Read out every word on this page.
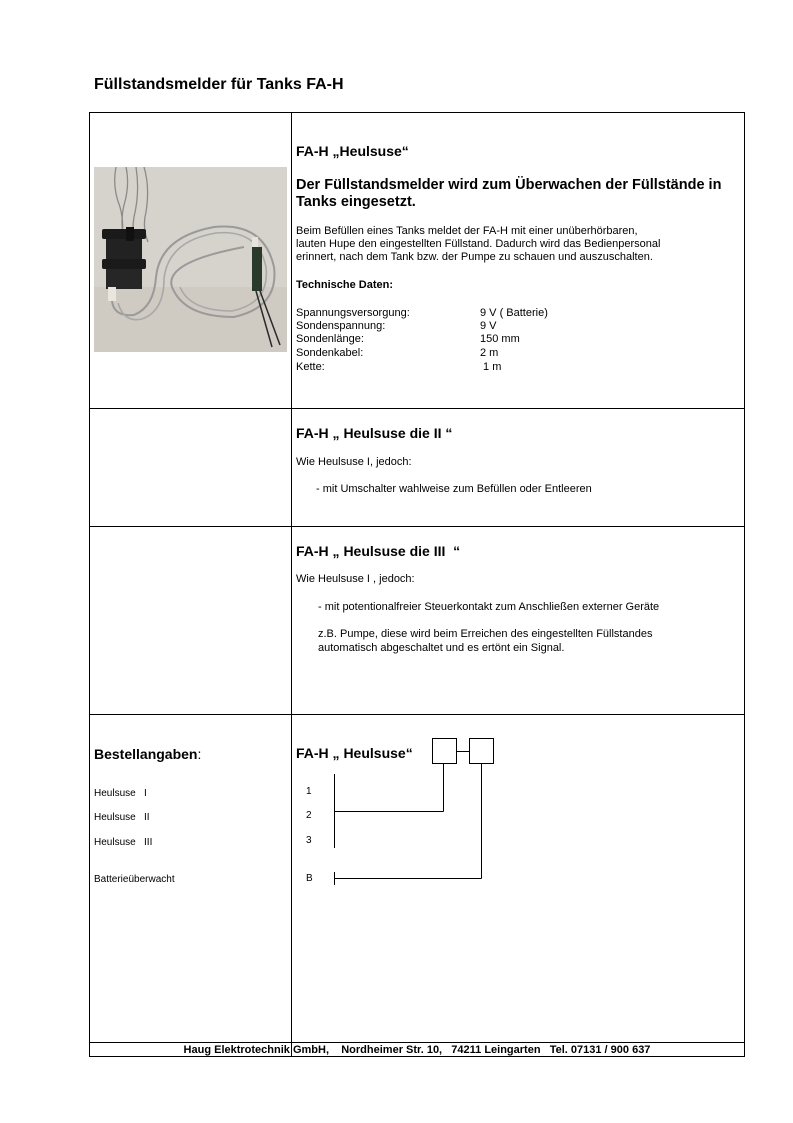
Füllstandsmelder für Tanks FA-H
FA-H „Heulsuse“
Der Füllstandsmelder wird zum Überwachen der Füllstände in
Tanks eingesetzt.
Beim Befüllen eines Tanks meldet der FA-H mit einer unüberhörbaren,
lauten Hupe den eingestellten Füllstand. Dadurch wird das Bedienpersonal
erinnert, nach dem Tank bzw. der Pumpe zu schauen und auszuschalten.
Technische Daten:
Spannungsversorgung:	9 V ( Batterie)
Sondenspannung:	9 V
Sondenlänge:	150 mm
Sondenkabel:	2 m
Kette:	1 m
FA-H „ Heulsuse die II “
Wie Heulsuse I, jedoch:
- mit Umschalter wahlweise zum Befüllen oder Entleeren
FA-H „ Heulsuse die III  “
Wie Heulsuse I , jedoch:
- mit potentionalfreier Steuerkontakt zum Anschließen externer Geräte
z.B. Pumpe, diese wird beim Erreichen des eingestellten Füllstandes
automatisch abgeschaltet und es ertönt ein Signal.
Bestellangaben:
Heulsuse   I
Heulsuse   II
Heulsuse   III
Batterieüberwacht
FA-H „ Heulsuse“
1
2
3
B
Haug Elektrotechnik GmbH,    Nordheimer Str. 10,   74211 Leingarten   Tel. 07131 / 900 637
